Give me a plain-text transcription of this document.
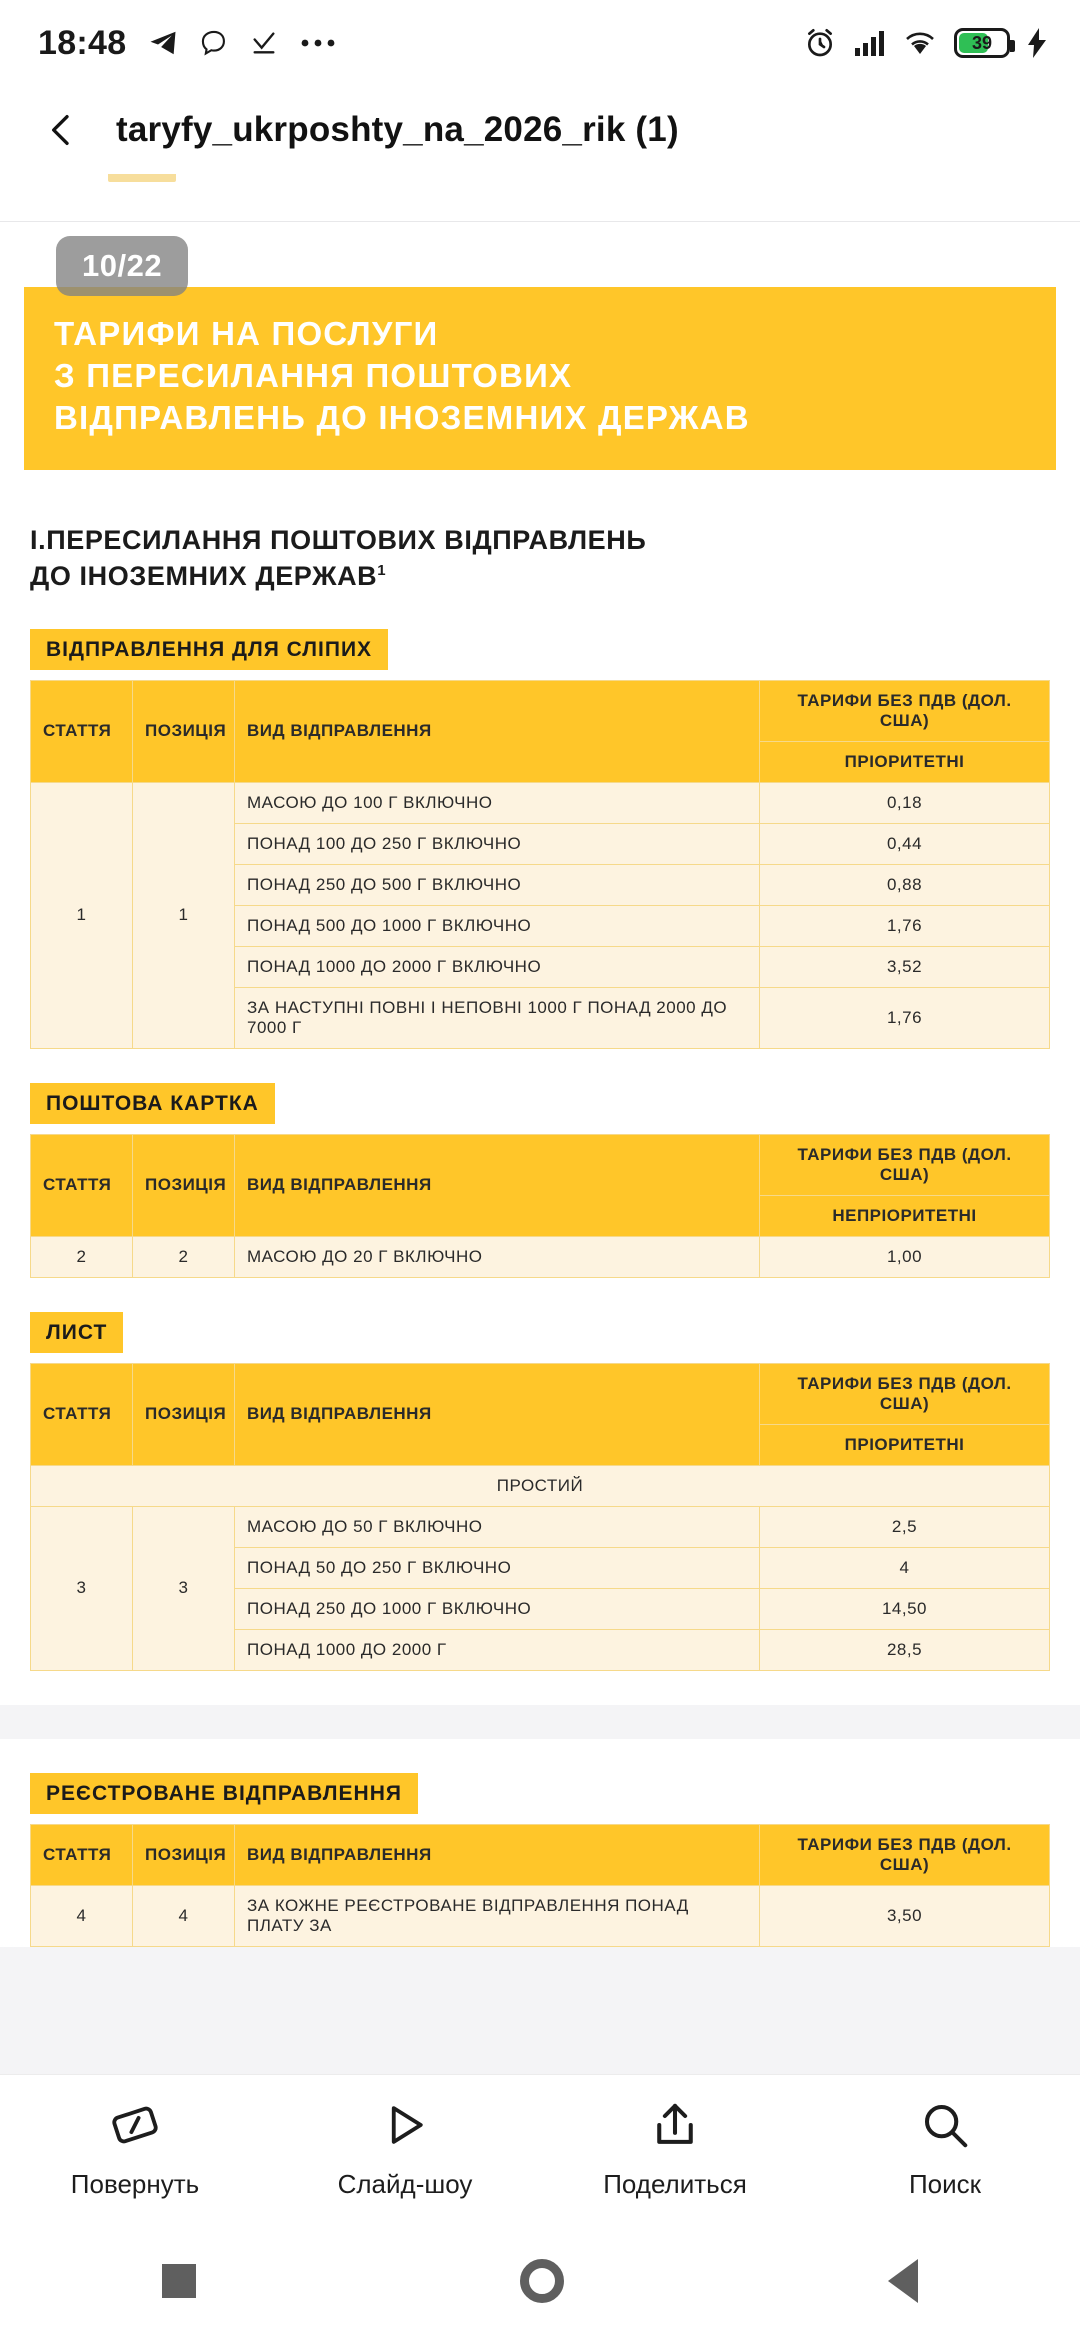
18:48	39
taryfy_ukrposhty_na_2026_rik (1)
10/22
ТАРИФИ НА ПОСЛУГИ
З ПЕРЕСИЛАННЯ ПОШТОВИХ
ВІДПРАВЛЕНЬ ДО ІНОЗЕМНИХ ДЕРЖАВ
I.ПЕРЕСИЛАННЯ ПОШТОВИХ ВІДПРАВЛЕНЬ
ДО ІНОЗЕМНИХ ДЕРЖАВ$^1$
ВІДПРАВЛЕННЯ ДЛЯ СЛІПИХ
СТАТТЯ	ПОЗИЦІЯ	ВИД ВІДПРАВЛЕННЯ	ТАРИФИ БЕЗ ПДВ (ДОЛ. США)
			ПРІОРИТЕТНІ
1	1	МАСОЮ ДО 100 Г ВКЛЮЧНО	0,18
		ПОНАД 100 ДО 250 Г ВКЛЮЧНО	0,44
		ПОНАД 250 ДО 500 Г ВКЛЮЧНО	0,88
		ПОНАД 500 ДО 1000 Г ВКЛЮЧНО	1,76
		ПОНАД 1000 ДО 2000 Г ВКЛЮЧНО	3,52
		ЗА НАСТУПНІ ПОВНІ І НЕПОВНІ 1000 Г ПОНАД 2000 ДО 7000 Г	1,76
ПОШТОВА КАРТКА
СТАТТЯ	ПОЗИЦІЯ	ВИД ВІДПРАВЛЕННЯ	ТАРИФИ БЕЗ ПДВ (ДОЛ. США)
			НЕПРІОРИТЕТНІ
2	2	МАСОЮ ДО 20 Г ВКЛЮЧНО	1,00
ЛИСТ
СТАТТЯ	ПОЗИЦІЯ	ВИД ВІДПРАВЛЕННЯ	ТАРИФИ БЕЗ ПДВ (ДОЛ. США)
			ПРІОРИТЕТНІ
ПРОСТИЙ			
3	3	МАСОЮ ДО 50 Г ВКЛЮЧНО	2,5
		ПОНАД 50 ДО 250 Г ВКЛЮЧНО	4
		ПОНАД 250 ДО 1000 Г ВКЛЮЧНО	14,50
		ПОНАД 1000 ДО 2000 Г	28,5
РЕЄСТРОВАНЕ ВІДПРАВЛЕННЯ
СТАТТЯ	ПОЗИЦІЯ	ВИД ВІДПРАВЛЕННЯ	ТАРИФИ БЕЗ ПДВ (ДОЛ. США)
4	4	ЗА КОЖНЕ РЕЄСТРОВАНЕ ВІДПРАВЛЕННЯ ПОНАД ПЛАТУ ЗА	3,50
Повернуть	Слайд-шоу	Поделиться	Поиск
